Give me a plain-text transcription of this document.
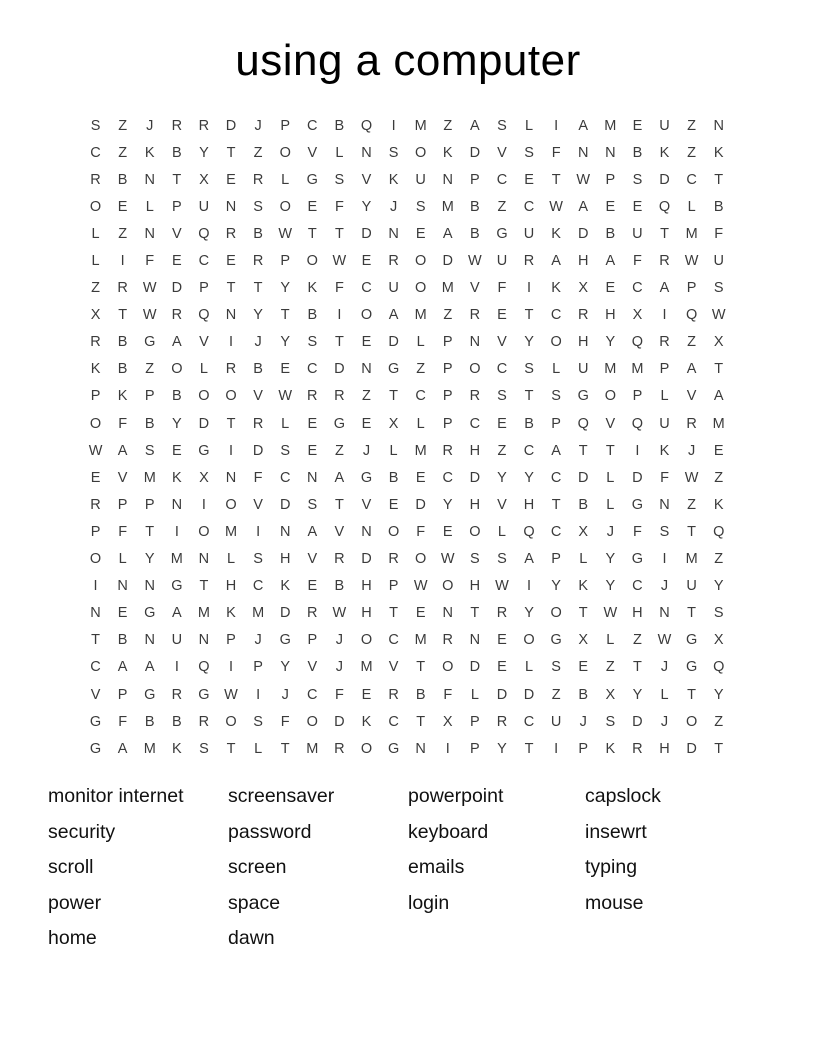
using a computer
S	Z	J	R	R	D	J	P	C	B	Q	I	M	Z	A	S	L	I	A	M	E	U	Z	N
C	Z	K	B	Y	T	Z	O	V	L	N	S	O	K	D	V	S	F	N	N	B	K	Z	K
R	B	N	T	X	E	R	L	G	S	V	K	U	N	P	C	E	T	W	P	S	D	C	T
O	E	L	P	U	N	S	O	E	F	Y	J	S	M	B	Z	C	W	A	E	E	Q	L	B
L	Z	N	V	Q	R	B	W	T	T	D	N	E	A	B	G	U	K	D	B	U	T	M	F
L	I	F	E	C	E	R	P	O	W	E	R	O	D	W	U	R	A	H	A	F	R	W	U
Z	R	W	D	P	T	T	Y	K	F	C	U	O	M	V	F	I	K	X	E	C	A	P	S
X	T	W	R	Q	N	Y	T	B	I	O	A	M	Z	R	E	T	C	R	H	X	I	Q	W
R	B	G	A	V	I	J	Y	S	T	E	D	L	P	N	V	Y	O	H	Y	Q	R	Z	X
K	B	Z	O	L	R	B	E	C	D	N	G	Z	P	O	C	S	L	U	M	M	P	A	T
P	K	P	B	O	O	V	W	R	R	Z	T	C	P	R	S	T	S	G	O	P	L	V	A
O	F	B	Y	D	T	R	L	E	G	E	X	L	P	C	E	B	P	Q	V	Q	U	R	M
W	A	S	E	G	I	D	S	E	Z	J	L	M	R	H	Z	C	A	T	T	I	K	J	E
E	V	M	K	X	N	F	C	N	A	G	B	E	C	D	Y	Y	C	D	L	D	F	W	Z
R	P	P	N	I	O	V	D	S	T	V	E	D	Y	H	V	H	T	B	L	G	N	Z	K
P	F	T	I	O	M	I	N	A	V	N	O	F	E	O	L	Q	C	X	J	F	S	T	Q
O	L	Y	M	N	L	S	H	V	R	D	R	O	W	S	S	A	P	L	Y	G	I	M	Z
I	N	N	G	T	H	C	K	E	B	H	P	W	O	H	W	I	Y	K	Y	C	J	U	Y
N	E	G	A	M	K	M	D	R	W	H	T	E	N	T	R	Y	O	T	W	H	N	T	S
T	B	N	U	N	P	J	G	P	J	O	C	M	R	N	E	O	G	X	L	Z	W	G	X
C	A	A	I	Q	I	P	Y	V	J	M	V	T	O	D	E	L	S	E	Z	T	J	G	Q
V	P	G	R	G	W	I	J	C	F	E	R	B	F	L	D	D	Z	B	X	Y	L	T	Y
G	F	B	B	R	O	S	F	O	D	K	C	T	X	P	R	C	U	J	S	D	J	O	Z
G	A	M	K	S	T	L	T	M	R	O	G	N	I	P	Y	T	I	P	K	R	H	D	T
monitor internet
security
scroll
power
home
screensaver
password
screen
space
dawn
powerpoint
keyboard
emails
login
capslock
insewrt
typing
mouse
